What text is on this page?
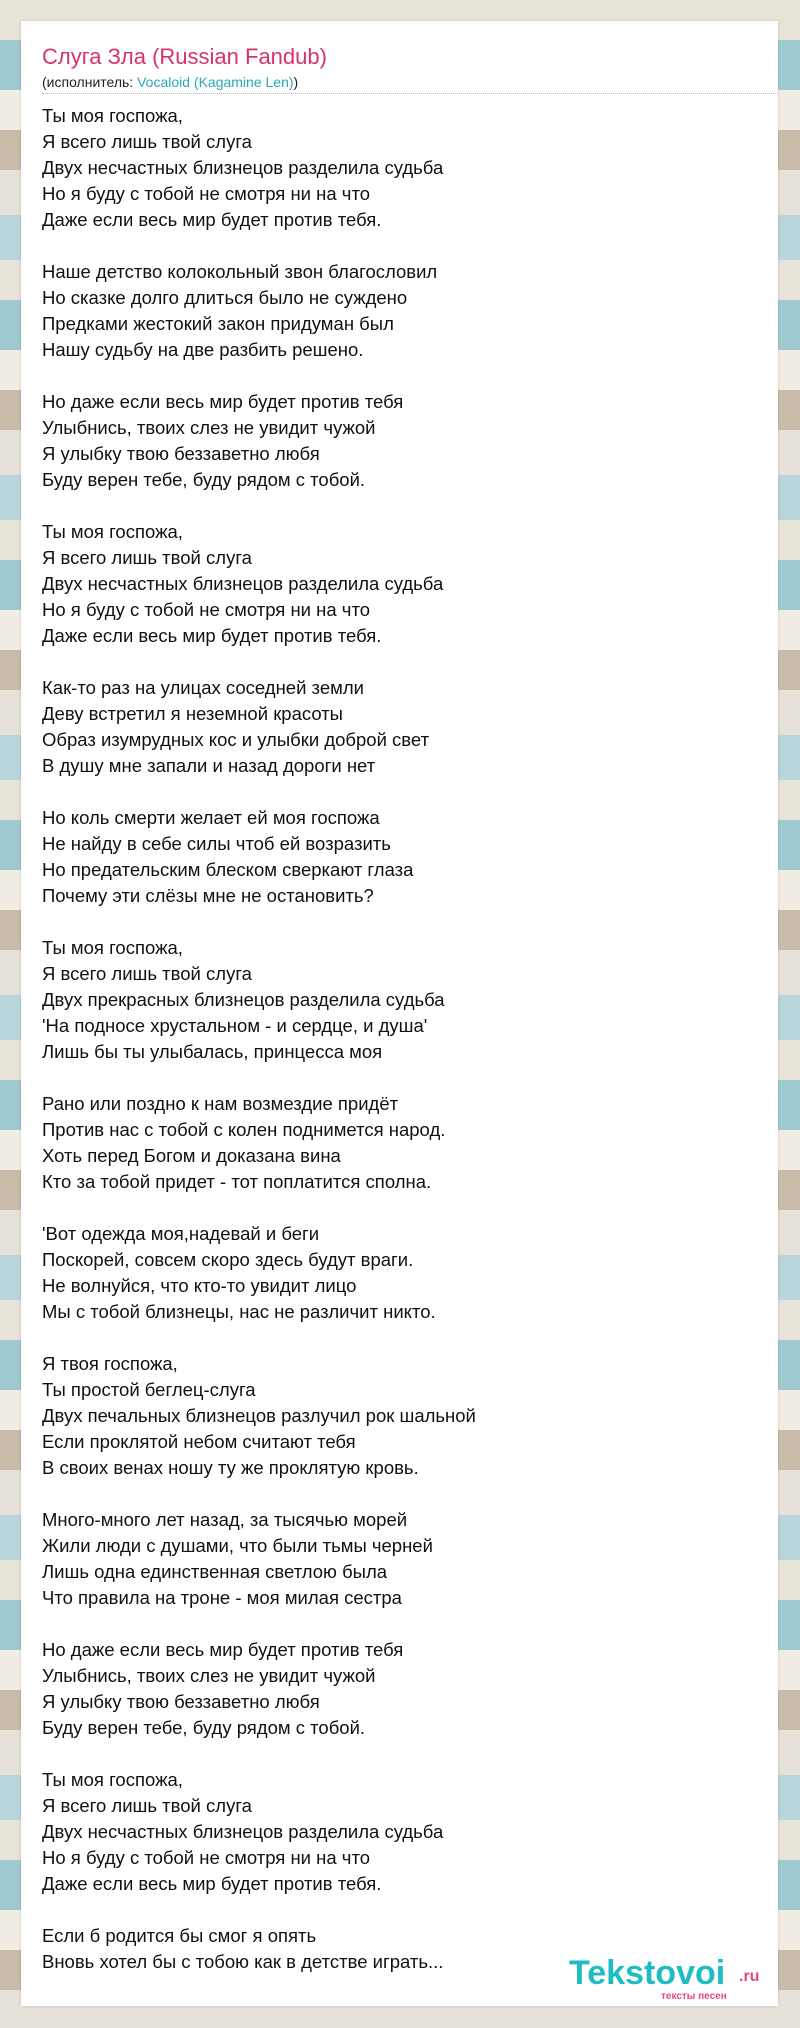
Слуга Зла (Russian Fandub)
(исполнитель: Vocaloid (Kagamine Len))
Ты моя госпожа,
Я всего лишь твой слуга
Двух несчастных близнецов разделила судьба
Но я буду с тобой не смотря ни на что
Даже если весь мир будет против тебя.
Наше детство колокольный звон благословил
Но сказке долго длиться было не суждено
Предками жестокий закон придуман был
Нашу судьбу на две разбить решено.
Но даже если весь мир будет против тебя
Улыбнись, твоих слез не увидит чужой
Я улыбку твою беззаветно любя
Буду верен тебе, буду рядом с тобой.
Ты моя госпожа,
Я всего лишь твой слуга
Двух несчастных близнецов разделила судьба
Но я буду с тобой не смотря ни на что
Даже если весь мир будет против тебя.
Как-то раз на улицах соседней земли
Деву встретил я неземной красоты
Образ изумрудных кос и улыбки доброй свет
В душу мне запали и назад дороги нет
Но коль смерти желает ей моя госпожа
Не найду в себе силы чтоб ей возразить
Но предательским блеском сверкают глаза
Почему эти слёзы мне не остановить?
Ты моя госпожа,
Я всего лишь твой слуга
Двух прекрасных близнецов разделила судьба
'На подносе хрустальном - и сердце, и душа'
Лишь бы ты улыбалась, принцесса моя
Рано или поздно к нам возмездие придёт
Против нас с тобой с колен поднимется народ.
Хоть перед Богом и доказана вина
Кто за тобой придет - тот поплатится сполна.
'Вот одежда моя,надевай и беги
Поскорей, совсем скоро здесь будут враги.
Не волнуйся, что кто-то увидит лицо
Мы с тобой близнецы, нас не различит никто.
Я твоя госпожа,
Ты простой беглец-слуга
Двух печальных близнецов разлучил рок шальной
Если проклятой небом считают тебя
В своих венах ношу ту же проклятую кровь.
Много-много лет назад, за тысячью морей
Жили люди с душами, что были тьмы черней
Лишь одна единственная светлою была
Что правила на троне - моя милая сестра
Но даже если весь мир будет против тебя
Улыбнись, твоих слез не увидит чужой
Я улыбку твою беззаветно любя
Буду верен тебе, буду рядом с тобой.
Ты моя госпожа,
Я всего лишь твой слуга
Двух несчастных близнецов разделила судьба
Но я буду с тобой не смотря ни на что
Даже если весь мир будет против тебя.
Если б родится бы смог я опять
Вновь хотел бы с тобою как в детстве играть...	Tekstovoi .ru
тексты песен
